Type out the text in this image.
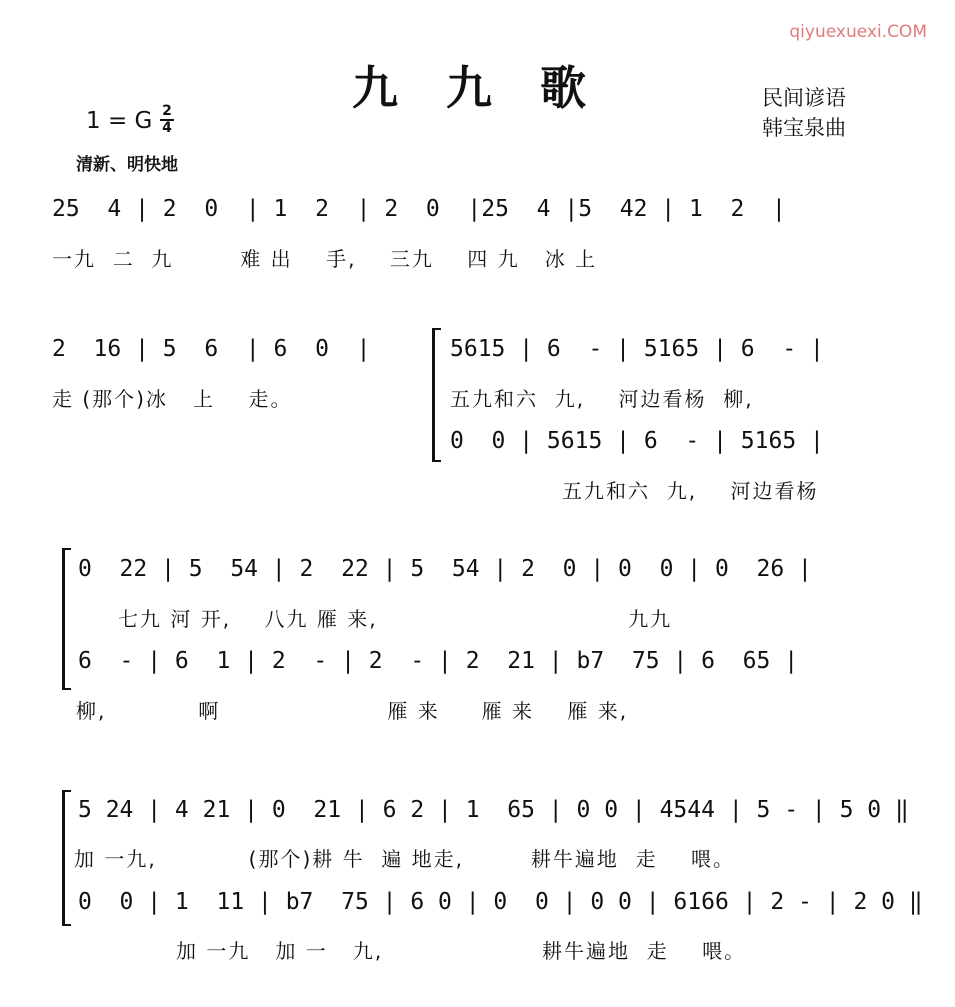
qiyuexuexi.COM
九 九 歌	民间谚语
韩宝泉曲
1 = G 2
4
清新、明快地
25  4 | 2  0  | 1  2  | 2  0  |25  4 |5  42 | 1  2  |
一九  二  九        难 出    手,    三九    四 九   冰 上
2  16 | 5  6  | 6  0  |
走 (那个)冰   上    走。
5615 | 6  - | 5165 | 6  - |
五九和六  九,    河边看杨  柳,
0  0 | 5615 | 6  - | 5165 |
五九和六  九,    河边看杨
0  22 | 5  54 | 2  22 | 5  54 | 2  0 | 0  0 | 0  26 |
七九 河 开,    八九 雁 来,                              九九
6  - | 6  1 | 2  - | 2  - | 2  21 | b7  75 | 6  65 |
柳,           啊                    雁 来     雁 来    雁 来,
5 24 | 4 21 | 0  21 | 6 2 | 1  65 | 0 0 | 4544 | 5 - | 5 0 ‖
加 一九,           (那个)耕 牛  遍 地走,        耕牛遍地  走    喂。
0  0 | 1  11 | b7  75 | 6 0 | 0  0 | 0 0 | 6166 | 2 - | 2 0 ‖
加 一九   加 一   九,                   耕牛遍地  走    喂。
